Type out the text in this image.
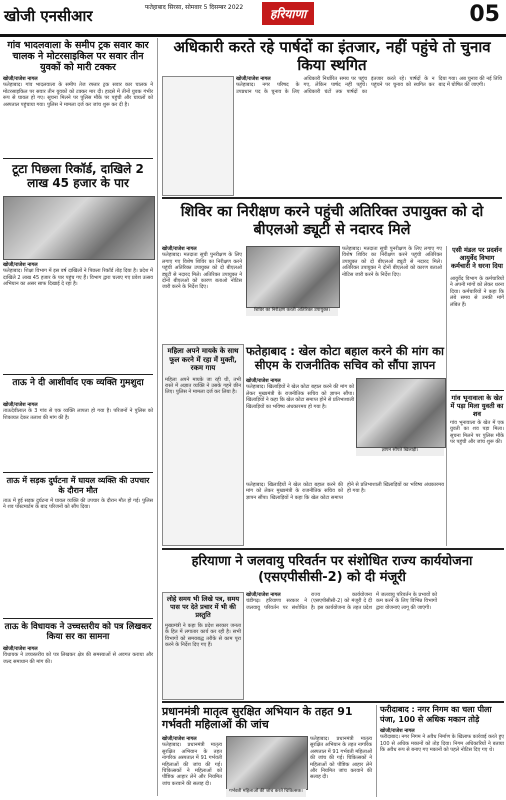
खोजी एनसीआर	फतेहाबाद सिरसा, सोमवार 5 दिसम्बर 2022	हरियाणा	05
गांव भादलवाला के समीप ट्रक सवार कार चालक ने मोटरसाइकिल पर सवार तीन युवकों को मारी टक्कर
खोजी/राजेश नागल
फतेहाबाद। गांव भादलवाला के समीप तेज रफ्तार ट्रक सवार कार चालक ने मोटरसाइकिल पर सवार तीन युवकों को टक्कर मार दी। हादसे में तीनों युवक गंभीर रूप से घायल हो गए। सूचना मिलने पर पुलिस मौके पर पहुंची और घायलों को अस्पताल पहुंचाया गया। पुलिस ने मामला दर्ज कर जांच शुरू कर दी है।
टूटा पिछला रिकॉर्ड, दाखिले 2 लाख 45 हजार के पार
खोजी/राजेश नागल
फतेहाबाद। शिक्षा विभाग में इस वर्ष दाखिलों ने पिछला रिकॉर्ड तोड़ दिया है। प्रदेश में दाखिले 2 लाख 45 हजार के पार पहुंच गए हैं। विभाग द्वारा चलाए गए प्रवेश उत्सव अभियान का असर साफ दिखाई दे रहा है।
ताऊ ने दी आशीर्वाद एक व्यक्ति गुमशुदा
खोजी/राजेश नागल
ताऊदेवीलाल के 3 गांव से एक व्यक्ति लापता हो गया है। परिजनों ने पुलिस को शिकायत देकर तलाश की मांग की है।
ताऊ में सड़क दुर्घटना में घायल व्यक्ति की उपचार के दौरान मौत
ताऊ में हुई सड़क दुर्घटना में घायल व्यक्ति की उपचार के दौरान मौत हो गई। पुलिस ने शव पोस्टमार्टम के बाद परिजनों को सौंप दिया।
ताऊ के विधायक ने उच्चस्तरीय को पत्र लिखकर किया सर का सामना
खोजी/राजेश नागल
विधायक ने उच्चस्तरीय को पत्र लिखकर क्षेत्र की समस्याओं से अवगत कराया और जल्द समाधान की मांग की।
अधिकारी करते रहे पार्षदों का इंतजार, नहीं पहुंचे तो चुनाव किया स्थगित
खोजी/राजेश नागल
फतेहाबाद। नगर परिषद के उपप्रधान पद के चुनाव के लिए अधिकारी निर्धारित समय पर पहुंच गए, लेकिन पार्षद नहीं पहुंचे। अधिकारी घंटों तक पार्षदों का इंतजार करते रहे। पार्षदों के न पहुंचने पर चुनाव को स्थगित कर दिया गया। अब चुनाव की नई तिथि बाद में घोषित की जाएगी।
शिविर का निरीक्षण करने पहुंची अतिरिक्त उपायुक्त को दो बीएलओ ड्यूटी से नदारद मिले
खोजी/राजेश नागल
फतेहाबाद। मतदाता सूची पुनरीक्षण के लिए लगाए गए विशेष शिविर का निरीक्षण करने पहुंची अतिरिक्त उपायुक्त को दो बीएलओ ड्यूटी से नदारद मिले। अतिरिक्त उपायुक्त ने दोनों बीएलओ को कारण बताओ नोटिस जारी करने के निर्देश दिए।
शिविर का निरीक्षण करती अतिरिक्त उपायुक्त।
फतेहाबाद। मतदाता सूची पुनरीक्षण के लिए लगाए गए विशेष शिविर का निरीक्षण करने पहुंची अतिरिक्त उपायुक्त को दो बीएलओ ड्यूटी से नदारद मिले। अतिरिक्त उपायुक्त ने दोनों बीएलओ को कारण बताओ नोटिस जारी करने के निर्देश दिए।
महिला अपने मायके के साथ फूल करने में रहा में मुक्ती, रकम गाय
महिला अपने मायके जा रही थी, तभी रास्ते में अज्ञात व्यक्ति ने उसके गहने छीन लिए। पुलिस ने मामला दर्ज कर लिया है।
फतेहाबाद : खेल कोटा बहाल करने की मांग का सीएम के राजनीतिक सचिव को सौंपा ज्ञापन
खोजी/राजेश नागल
फतेहाबाद। खिलाड़ियों ने खेल कोटा बहाल करने की मांग को लेकर मुख्यमंत्री के राजनीतिक सचिव को ज्ञापन सौंपा। खिलाड़ियों ने कहा कि खेल कोटा समाप्त होने से प्रतिभाशाली खिलाड़ियों का भविष्य अंधकारमय हो गया है।
ज्ञापन सौंपते खिलाड़ी।
फतेहाबाद। खिलाड़ियों ने खेल कोटा बहाल करने की मांग को लेकर मुख्यमंत्री के राजनीतिक सचिव को ज्ञापन सौंपा। खिलाड़ियों ने कहा कि खेल कोटा समाप्त होने से प्रतिभाशाली खिलाड़ियों का भविष्य अंधकारमय हो गया है।
एसी मंडल पर प्रदर्शन आयुर्वेद विभाग कर्मचारी ने धरना दिया
आयुर्वेद विभाग के कर्मचारियों ने अपनी मांगों को लेकर धरना दिया। कर्मचारियों ने कहा कि लंबे समय से उनकी मांगें लंबित हैं।
गांव भूनावाला के खेत में पड़ा मिला युवती का शव
गांव भूनावाला के खेत में एक युवती का शव पड़ा मिला। सूचना मिलने पर पुलिस मौके पर पहुंची और जांच शुरू की।
हरियाणा ने जलवायु परिवर्तन पर संशोधित राज्य कार्ययोजना (एसएपीसीसी-2) को दी मंजूरी
लोहे समय भी लिखे पत्र, समय पास पर देते प्रचार में भी की प्रस्तुति
मुख्यमंत्री ने कहा कि प्रदेश सरकार जनता के हित में लगातार कार्य कर रही है। सभी विभागों को समयबद्ध तरीके से काम पूरा करने के निर्देश दिए गए हैं।
खोजी/राजेश नागल
चंडीगढ़। हरियाणा सरकार ने जलवायु परिवर्तन पर संशोधित राज्य कार्ययोजना (एसएपीसीसी-2) को मंजूरी दे दी है। इस कार्ययोजना के तहत प्रदेश में जलवायु परिवर्तन के प्रभावों को कम करने के लिए विभिन्न विभागों द्वारा योजनाएं लागू की जाएंगी।
प्रधानमंत्री मातृत्व सुरक्षित अभियान के तहत 91 गर्भवती महिलाओं की जांच
खोजी/राजेश नागल
फतेहाबाद। प्रधानमंत्री मातृत्व सुरक्षित अभियान के तहत नागरिक अस्पताल में 91 गर्भवती महिलाओं की जांच की गई। चिकित्सकों ने महिलाओं को पौष्टिक आहार लेने और नियमित जांच करवाने की सलाह दी।
गर्भवती महिलाओं की जांच करते चिकित्सक।
फतेहाबाद। प्रधानमंत्री मातृत्व सुरक्षित अभियान के तहत नागरिक अस्पताल में 91 गर्भवती महिलाओं की जांच की गई। चिकित्सकों ने महिलाओं को पौष्टिक आहार लेने और नियमित जांच करवाने की सलाह दी।
फरीदाबाद : नगर निगम का चला पीला पंजा, 100 से अधिक मकान तोड़े
खोजी/राजेश नागल
फरीदाबाद। नगर निगम ने अवैध निर्माण के खिलाफ कार्रवाई करते हुए 100 से अधिक मकानों को तोड़ दिया। निगम अधिकारियों ने बताया कि अवैध रूप से बनाए गए मकानों को पहले नोटिस दिए गए थे।
